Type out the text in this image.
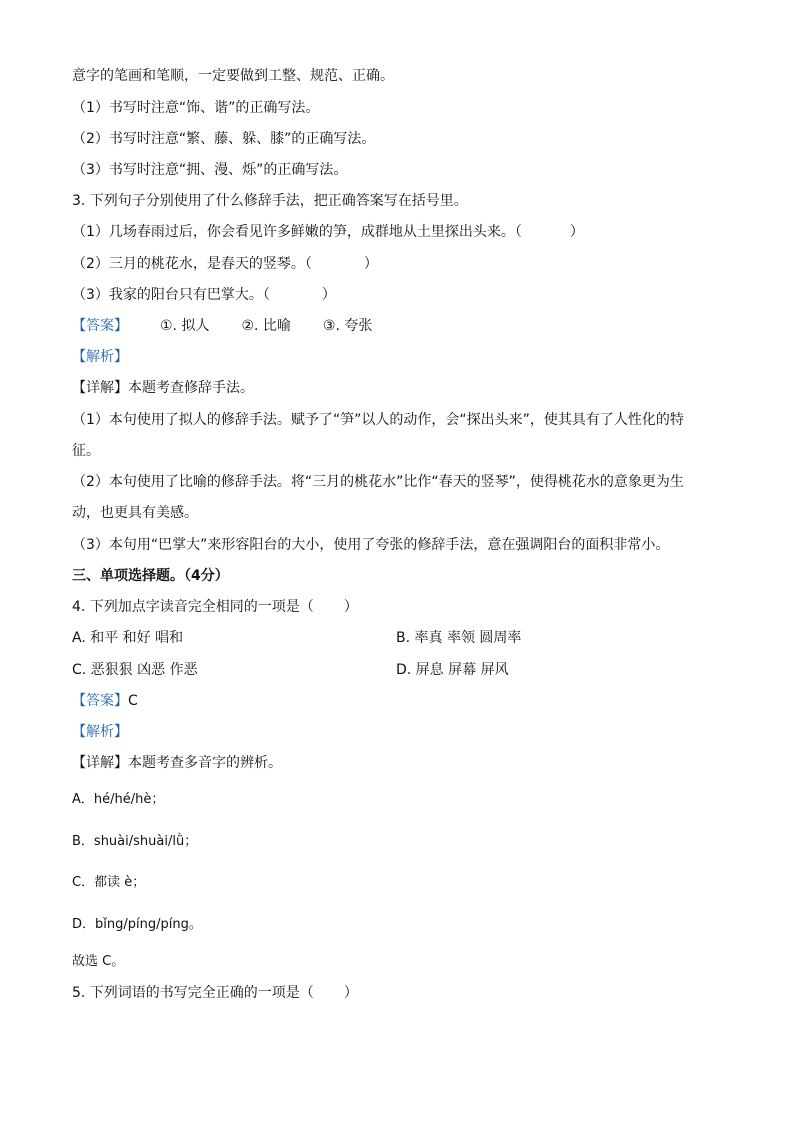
意字的笔画和笔顺，一定要做到工整、规范、正确。
（1）书写时注意“饰、谐”的正确写法。
（2）书写时注意“繁、藤、躲、膝”的正确写法。
（3）书写时注意“拥、漫、烁”的正确写法。
3. 下列句子分别使用了什么修辞手法，把正确答案写在括号里。
（1）几场春雨过后，你会看见许多鲜嫩的笋，成群地从土里探出头来。（	）
（2）三月的桃花水，是春天的竖琴。（	）
（3）我家的阳台只有巴掌大。（	）
【答案】 ①. 拟人 ②. 比喻 ③. 夸张
【解析】
【详解】本题考查修辞手法。
（1）本句使用了拟人的修辞手法。赋予了“笋”以人的动作，会“探出头来”，使其具有了人性化的特
征。
（2）本句使用了比喻的修辞手法。将“三月的桃花水”比作“春天的竖琴”，使得桃花水的意象更为生
动，也更具有美感。
（3）本句用“巴掌大”来形容阳台的大小，使用了夸张的修辞手法，意在强调阳台的面积非常小。
三、单项选择题。（4分）
4. 下列加点字读音完全相同的一项是（ ）
A. 和平 和好 唱和	B. 率真 率领 圆周率
C. 恶狠狠 凶恶 作恶	D. 屏息 屏幕 屏风
【答案】C
【解析】
【详解】本题考查多音字的辨析。
A．hé/hé/hè；
B．shuài/shuài/lǜ；
C．都读 è；
D．bǐng/píng/píng。
故选 C。
5. 下列词语的书写完全正确的一项是（ ）
